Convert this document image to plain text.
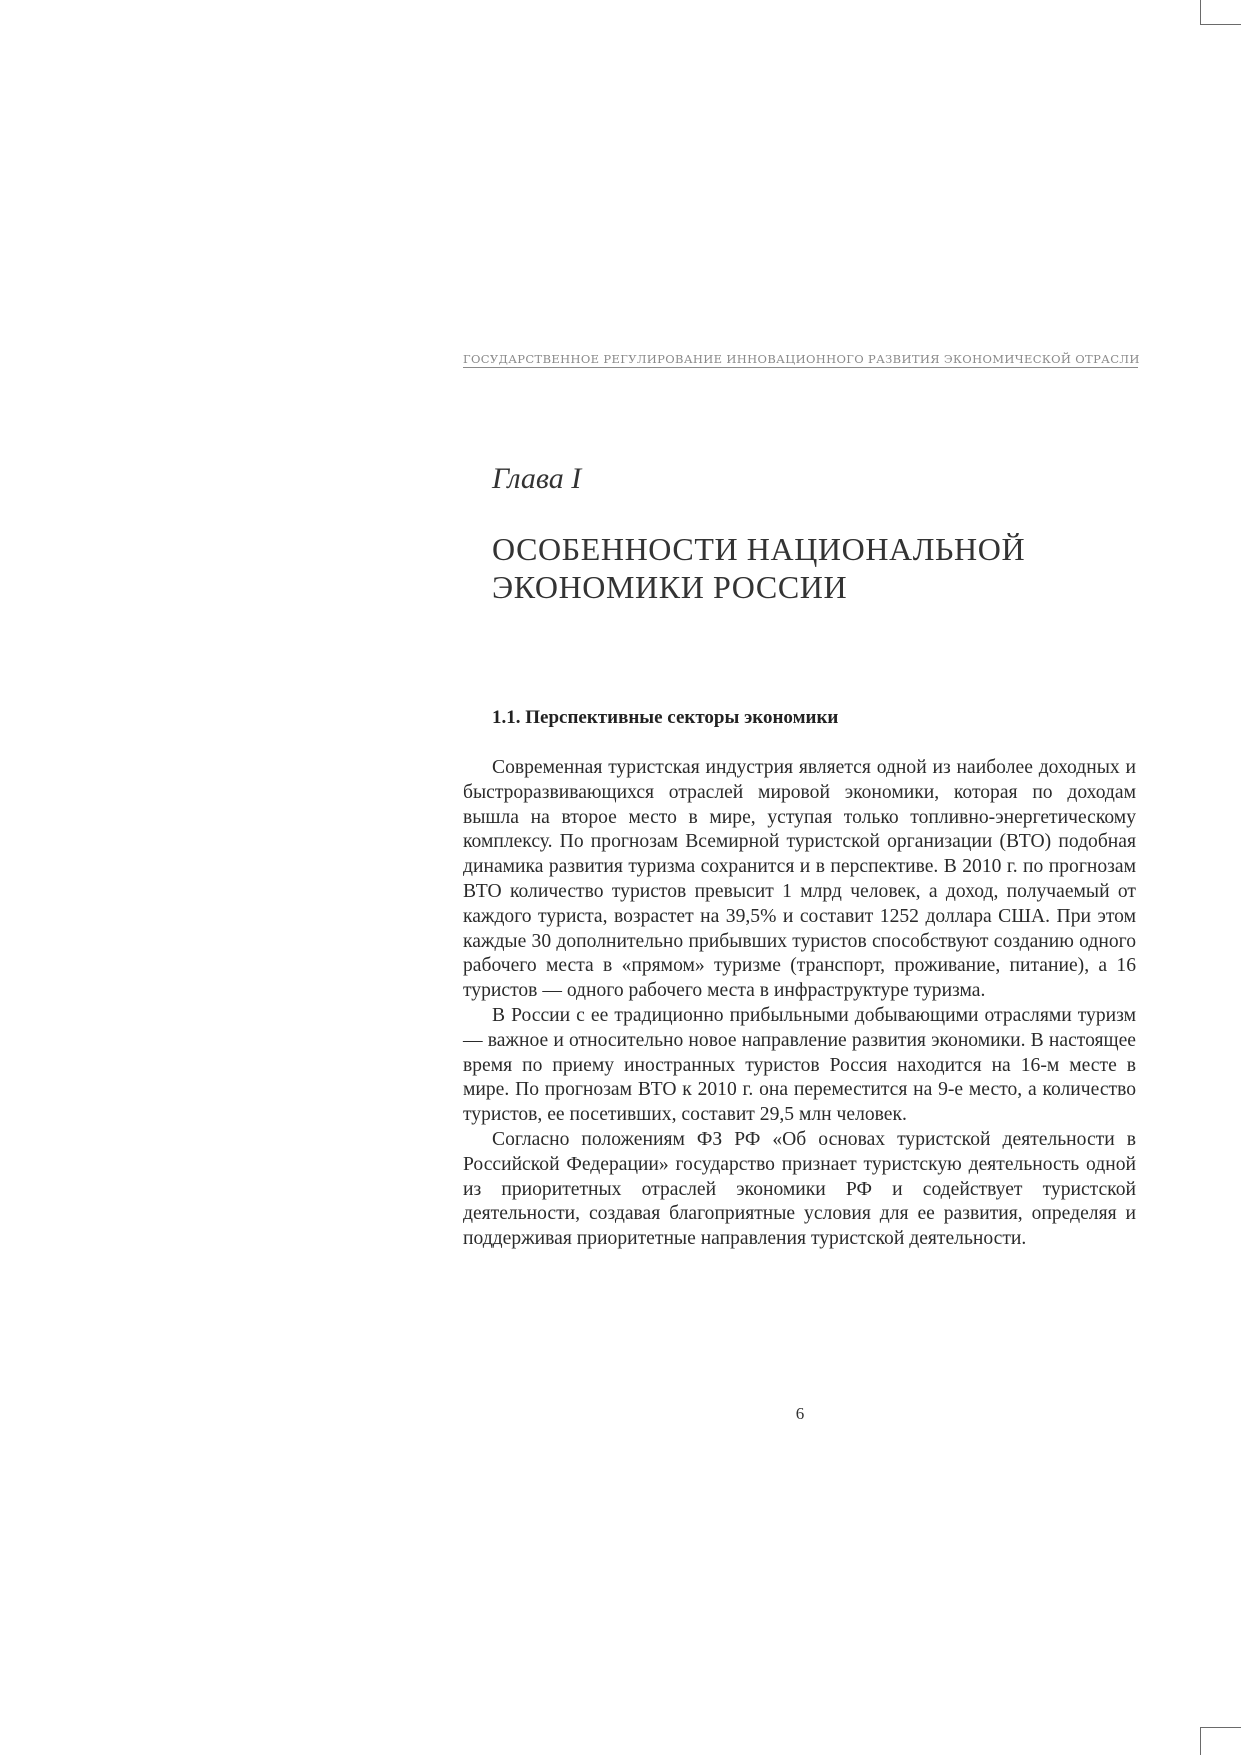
ГОСУДАРСТВЕННОЕ РЕГУЛИРОВАНИЕ ИННОВАЦИОННОГО РАЗВИТИЯ ЭКОНОМИЧЕСКОЙ ОТРАСЛИ
Глава I
ОСОБЕННОСТИ НАЦИОНАЛЬНОЙ
ЭКОНОМИКИ РОССИИ
1.1. Перспективные секторы экономики

Современная туристская индустрия является одной из наиболее доходных и быстроразвивающихся отраслей мировой экономики, которая по доходам вышла на второе место в мире, уступая только топливно-энергетическому комплексу. По прогнозам Всемирной туристской организации (ВТО) подобная динамика развития туризма сохранится и в перспективе. В 2010 г. по прогнозам ВТО количество туристов превысит 1 млрд человек, а доход, получаемый от каждого туриста, возрастет на 39,5% и составит 1252 доллара США. При этом каждые 30 дополнительно прибывших туристов способствуют созданию одного рабочего места в «прямом» туризме (транспорт, проживание, питание), а 16 туристов — одного рабочего места в инфраструктуре туризма.

В России с ее традиционно прибыльными добывающими отраслями туризм — важное и относительно новое направление развития экономики. В настоящее время по приему иностранных туристов Россия находится на 16-м месте в мире. По прогнозам ВТО к 2010 г. она переместится на 9-е место, а количество туристов, ее посетивших, составит 29,5 млн человек.

Согласно положениям ФЗ РФ «Об основах туристской деятельности в Российской Федерации» государство признает туристскую деятельность одной из приоритетных отраслей экономики РФ и содействует туристской деятельности, создавая благоприятные условия для ее развития, определяя и поддерживая приоритетные направления туристской деятельности.

6
